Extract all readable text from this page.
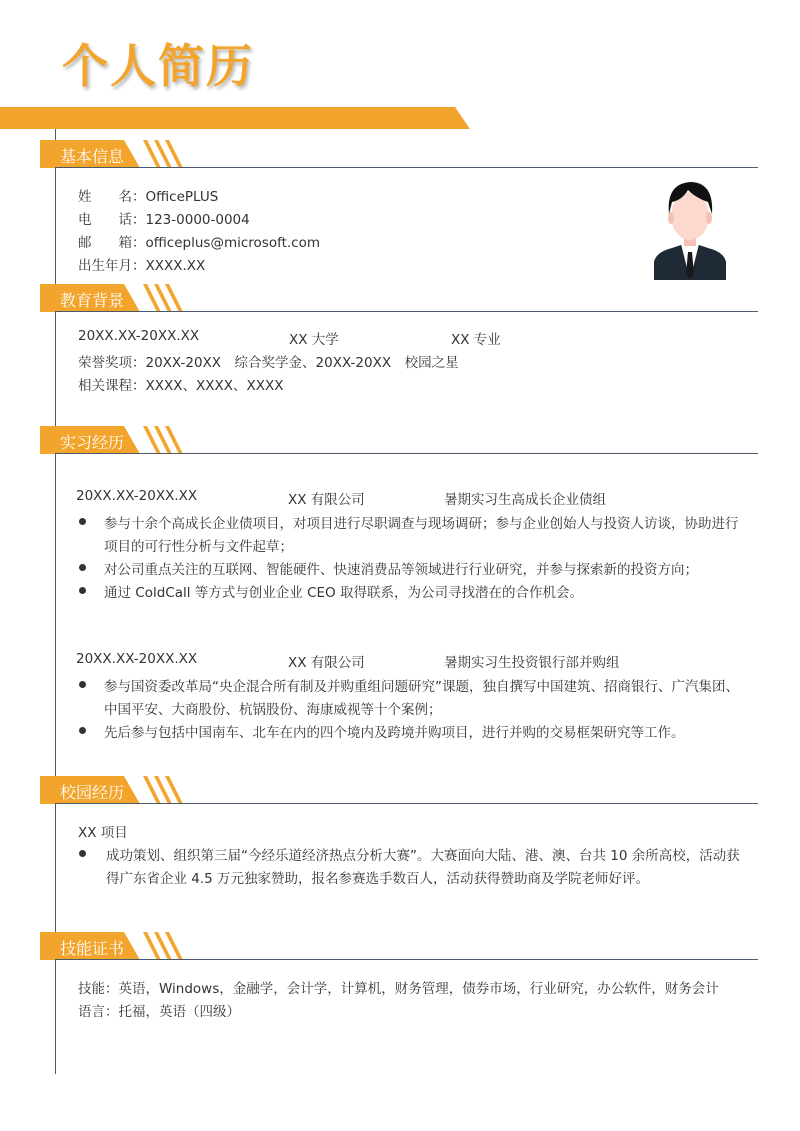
个人简历
基本信息
姓　　名：OfficePLUS
电　　话：123-0000-0004
邮　　箱：officeplus@microsoft.com
出生年月：XXXX.XX
教育背景
20XX.XX-20XX.XX	XX 大学	XX 专业
荣誉奖项：20XX-20XX　综合奖学金、20XX-20XX　校园之星
相关课程：XXXX、XXXX、XXXX
实习经历
20XX.XX-20XX.XX	XX 有限公司	暑期实习生高成长企业债组
参与十余个高成长企业债项目，对项目进行尽职调查与现场调研；参与企业创始人与投资人访谈，协助进行
项目的可行性分析与文件起草；
对公司重点关注的互联网、智能硬件、快速消费品等领域进行行业研究，并参与探索新的投资方向；
通过 ColdCall 等方式与创业企业 CEO 取得联系，为公司寻找潜在的合作机会。
20XX.XX-20XX.XX	XX 有限公司	暑期实习生投资银行部并购组
参与国资委改革局“央企混合所有制及并购重组问题研究”课题，独自撰写中国建筑、招商银行、广汽集团、
中国平安、大商股份、杭锅股份、海康威视等十个案例；
先后参与包括中国南车、北车在内的四个境内及跨境并购项目，进行并购的交易框架研究等工作。
校园经历
XX 项目
成功策划、组织第三届“今经乐道经济热点分析大赛”。大赛面向大陆、港、澳、台共 10 余所高校，活动获
得广东省企业 4.5 万元独家赞助，报名参赛选手数百人，活动获得赞助商及学院老师好评。
技能证书
技能：英语，Windows，金融学，会计学，计算机，财务管理，债券市场，行业研究，办公软件，财务会计
语言：托福，英语（四级）
